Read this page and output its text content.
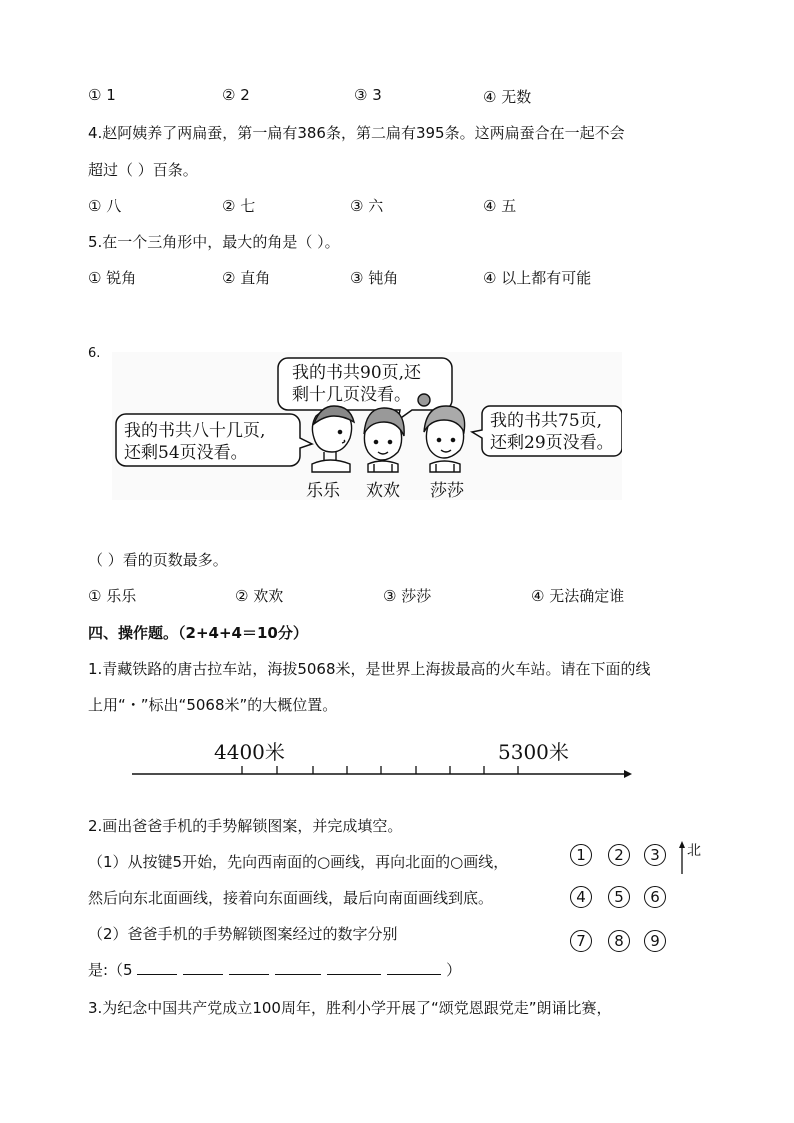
① 1	② 2	③ 3	④ 无数
4.赵阿姨养了两扁蚕，第一扁有386条，第二扁有395条。这两扁蚕合在一起不会
超过（ ）百条。
① 八	② 七	③ 六	④ 五
5.在一个三角形中，最大的角是（ ）。
① 锐角	② 直角	③ 钝角	④ 以上都有可能
6.
我的书共90页,还
剩十几页没看。
我的书共八十几页,
还剩54页没看。
我的书共75页,
还剩29页没看。
乐乐 欢欢 莎莎
（ ）看的页数最多。
① 乐乐	② 欢欢	③ 莎莎	④ 无法确定谁
四、操作题。（2+4+4＝10分）
1.青藏铁路的唐古拉车站，海拔5068米，是世界上海拔最高的火车站。请在下面的线
上用“・”标出“5068米”的大概位置。
4400米	5300米
2.画出爸爸手机的手势解锁图案，并完成填空。
（1）从按键5开始，先向西南面的○画线，再向北面的○画线，
然后向东北面画线，接着向东面画线，最后向南面画线到底。
（2）爸爸手机的手势解锁图案经过的数字分别
是:（5	）
1	2	3
4	5	6
7	8	9
北
3.为纪念中国共产党成立100周年，胜利小学开展了“颂党恩跟党走”朗诵比赛，
